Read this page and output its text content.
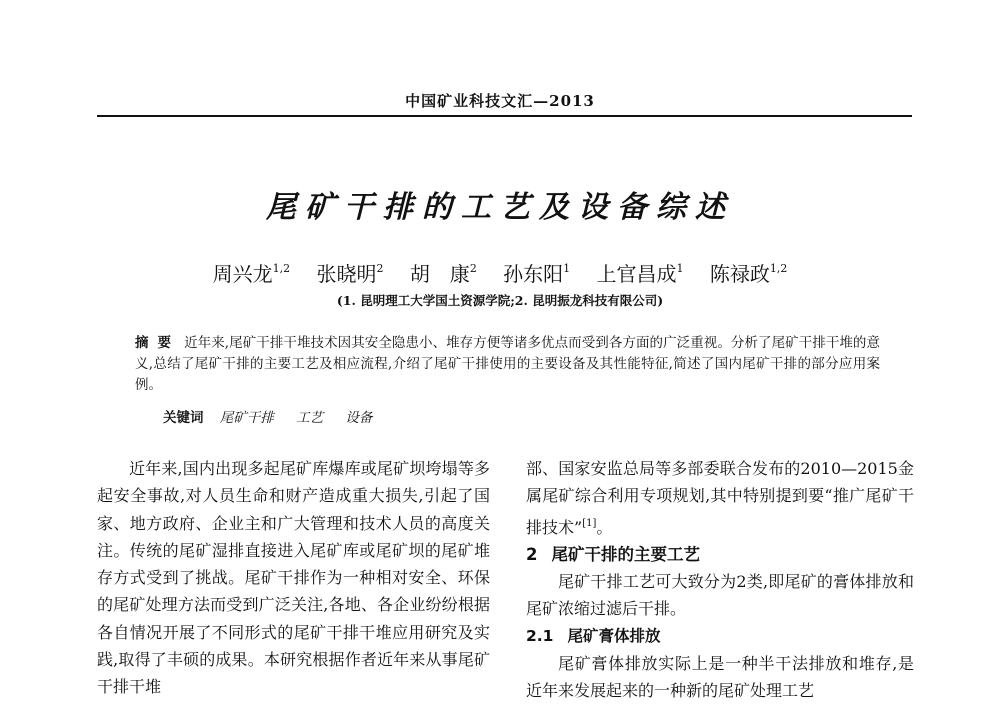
中国矿业科技文汇—2013
尾矿干排的工艺及设备综述
周兴龙$^{1,2}$ 张晓明$^2$ 胡　康$^2$ 孙东阳$^1$ 上官昌成$^1$ 陈禄政$^{1,2}$
(1. 昆明理工大学国土资源学院;2. 昆明振龙科技有限公司)
摘要 近年来,尾矿干排干堆技术因其安全隐患小、堆存方便等诸多优点而受到各方面的广泛重视。分析了尾矿干排干堆的意义,总结了尾矿干排的主要工艺及相应流程,介绍了尾矿干排使用的主要设备及其性能特征,简述了国内尾矿干排的部分应用案例。
关键词 尾矿干排 工艺 设备

近年来,国内出现多起尾矿库爆库或尾矿坝垮塌等多起安全事故,对人员生命和财产造成重大损失,引起了国家、地方政府、企业主和广大管理和技术人员的高度关注。传统的尾矿湿排直接进入尾矿库或尾矿坝的尾矿堆存方式受到了挑战。尾矿干排作为一种相对安全、环保的尾矿处理方法而受到广泛关注,各地、各企业纷纷根据各自情况开展了不同形式的尾矿干排干堆应用研究及实践,取得了丰硕的成果。本研究根据作者近年来从事尾矿干排干堆

部、国家安监总局等多部委联合发布的2010—2015金属尾矿综合利用专项规划,其中特别提到要“推广尾矿干排技术”[1]。

2 尾矿干排的主要工艺

尾矿干排工艺可大致分为2类,即尾矿的膏体排放和尾矿浓缩过滤后干排。

2.1 尾矿膏体排放

尾矿膏体排放实际上是一种半干法排放和堆存,是近年来发展起来的一种新的尾矿处理工艺
